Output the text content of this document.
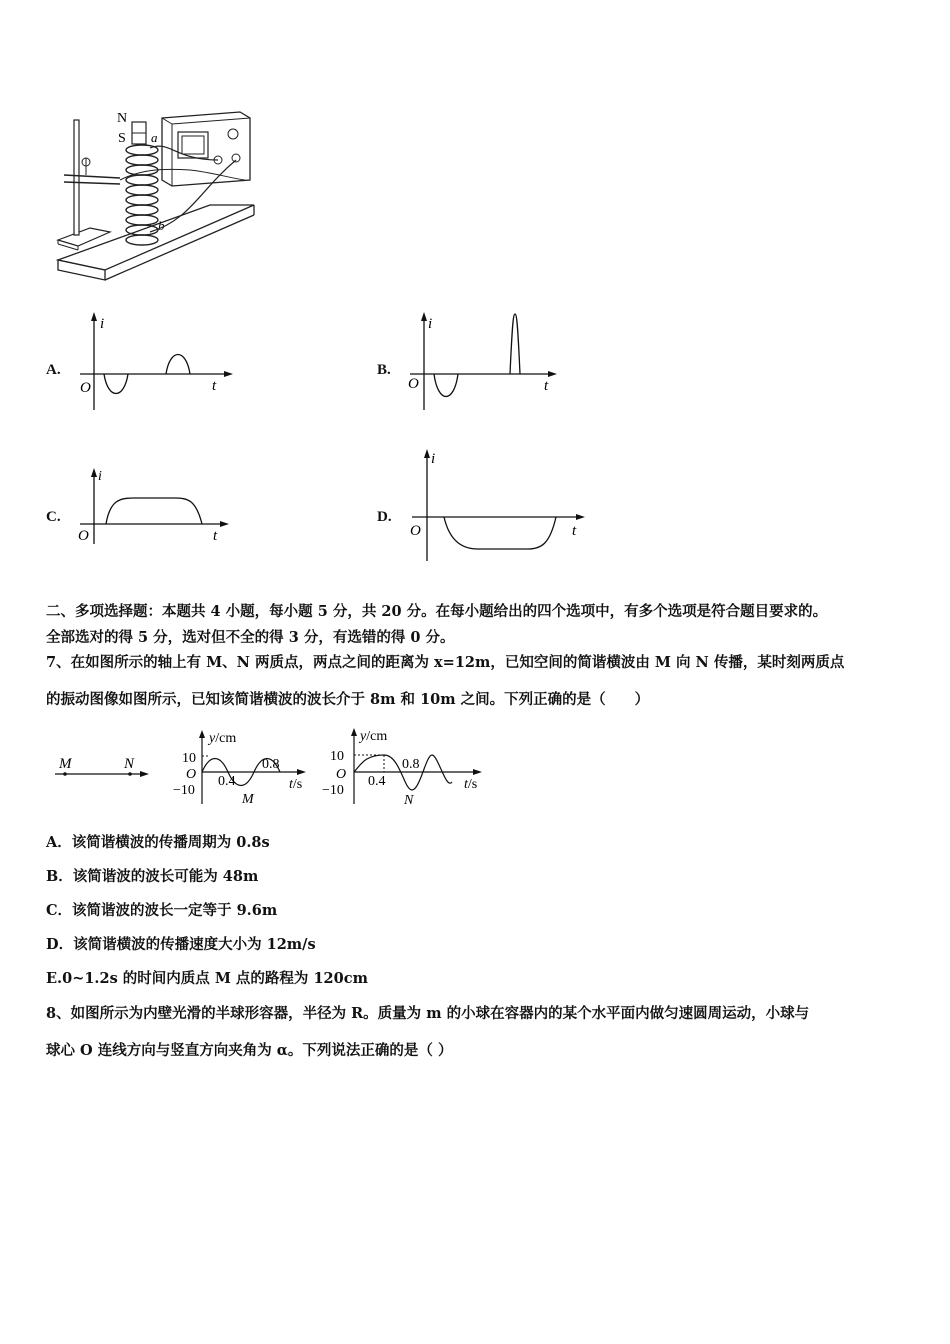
N
S a
b
A.
i
t
O
B.
i
t
O
C.
i
t
O
D.
i
t
O
二、多项选择题：本题共 4 小题，每小题 5 分，共 20 分。在每小题给出的四个选项中，有多个选项是符合题目要求的。
全部选对的得 5 分，选对但不全的得 3 分，有选错的得 0 分。
7、在如图所示的轴上有 M、N 两质点，两点之间的距离为 x=12m，已知空间的简谐横波由 M 向 N 传播，某时刻两质点
的振动图像如图所示，已知该简谐横波的波长介于 8m 和 10m 之间。下列正确的是（　　）
M	N
y/cm
10
−10
O 0.4
0.8
t/s
M
y/cm
10
−10
O 0.4
0.8
t/s
N
A．该简谐横波的传播周期为 0.8s
B．该简谐波的波长可能为 48m
C．该简谐波的波长一定等于 9.6m
D．该简谐横波的传播速度大小为 12m/s
E.0~1.2s 的时间内质点 M 点的路程为 120cm
8、如图所示为内壁光滑的半球形容器，半径为 R。质量为 m 的小球在容器内的某个水平面内做匀速圆周运动，小球与
球心 O 连线方向与竖直方向夹角为 α。下列说法正确的是（ ）
